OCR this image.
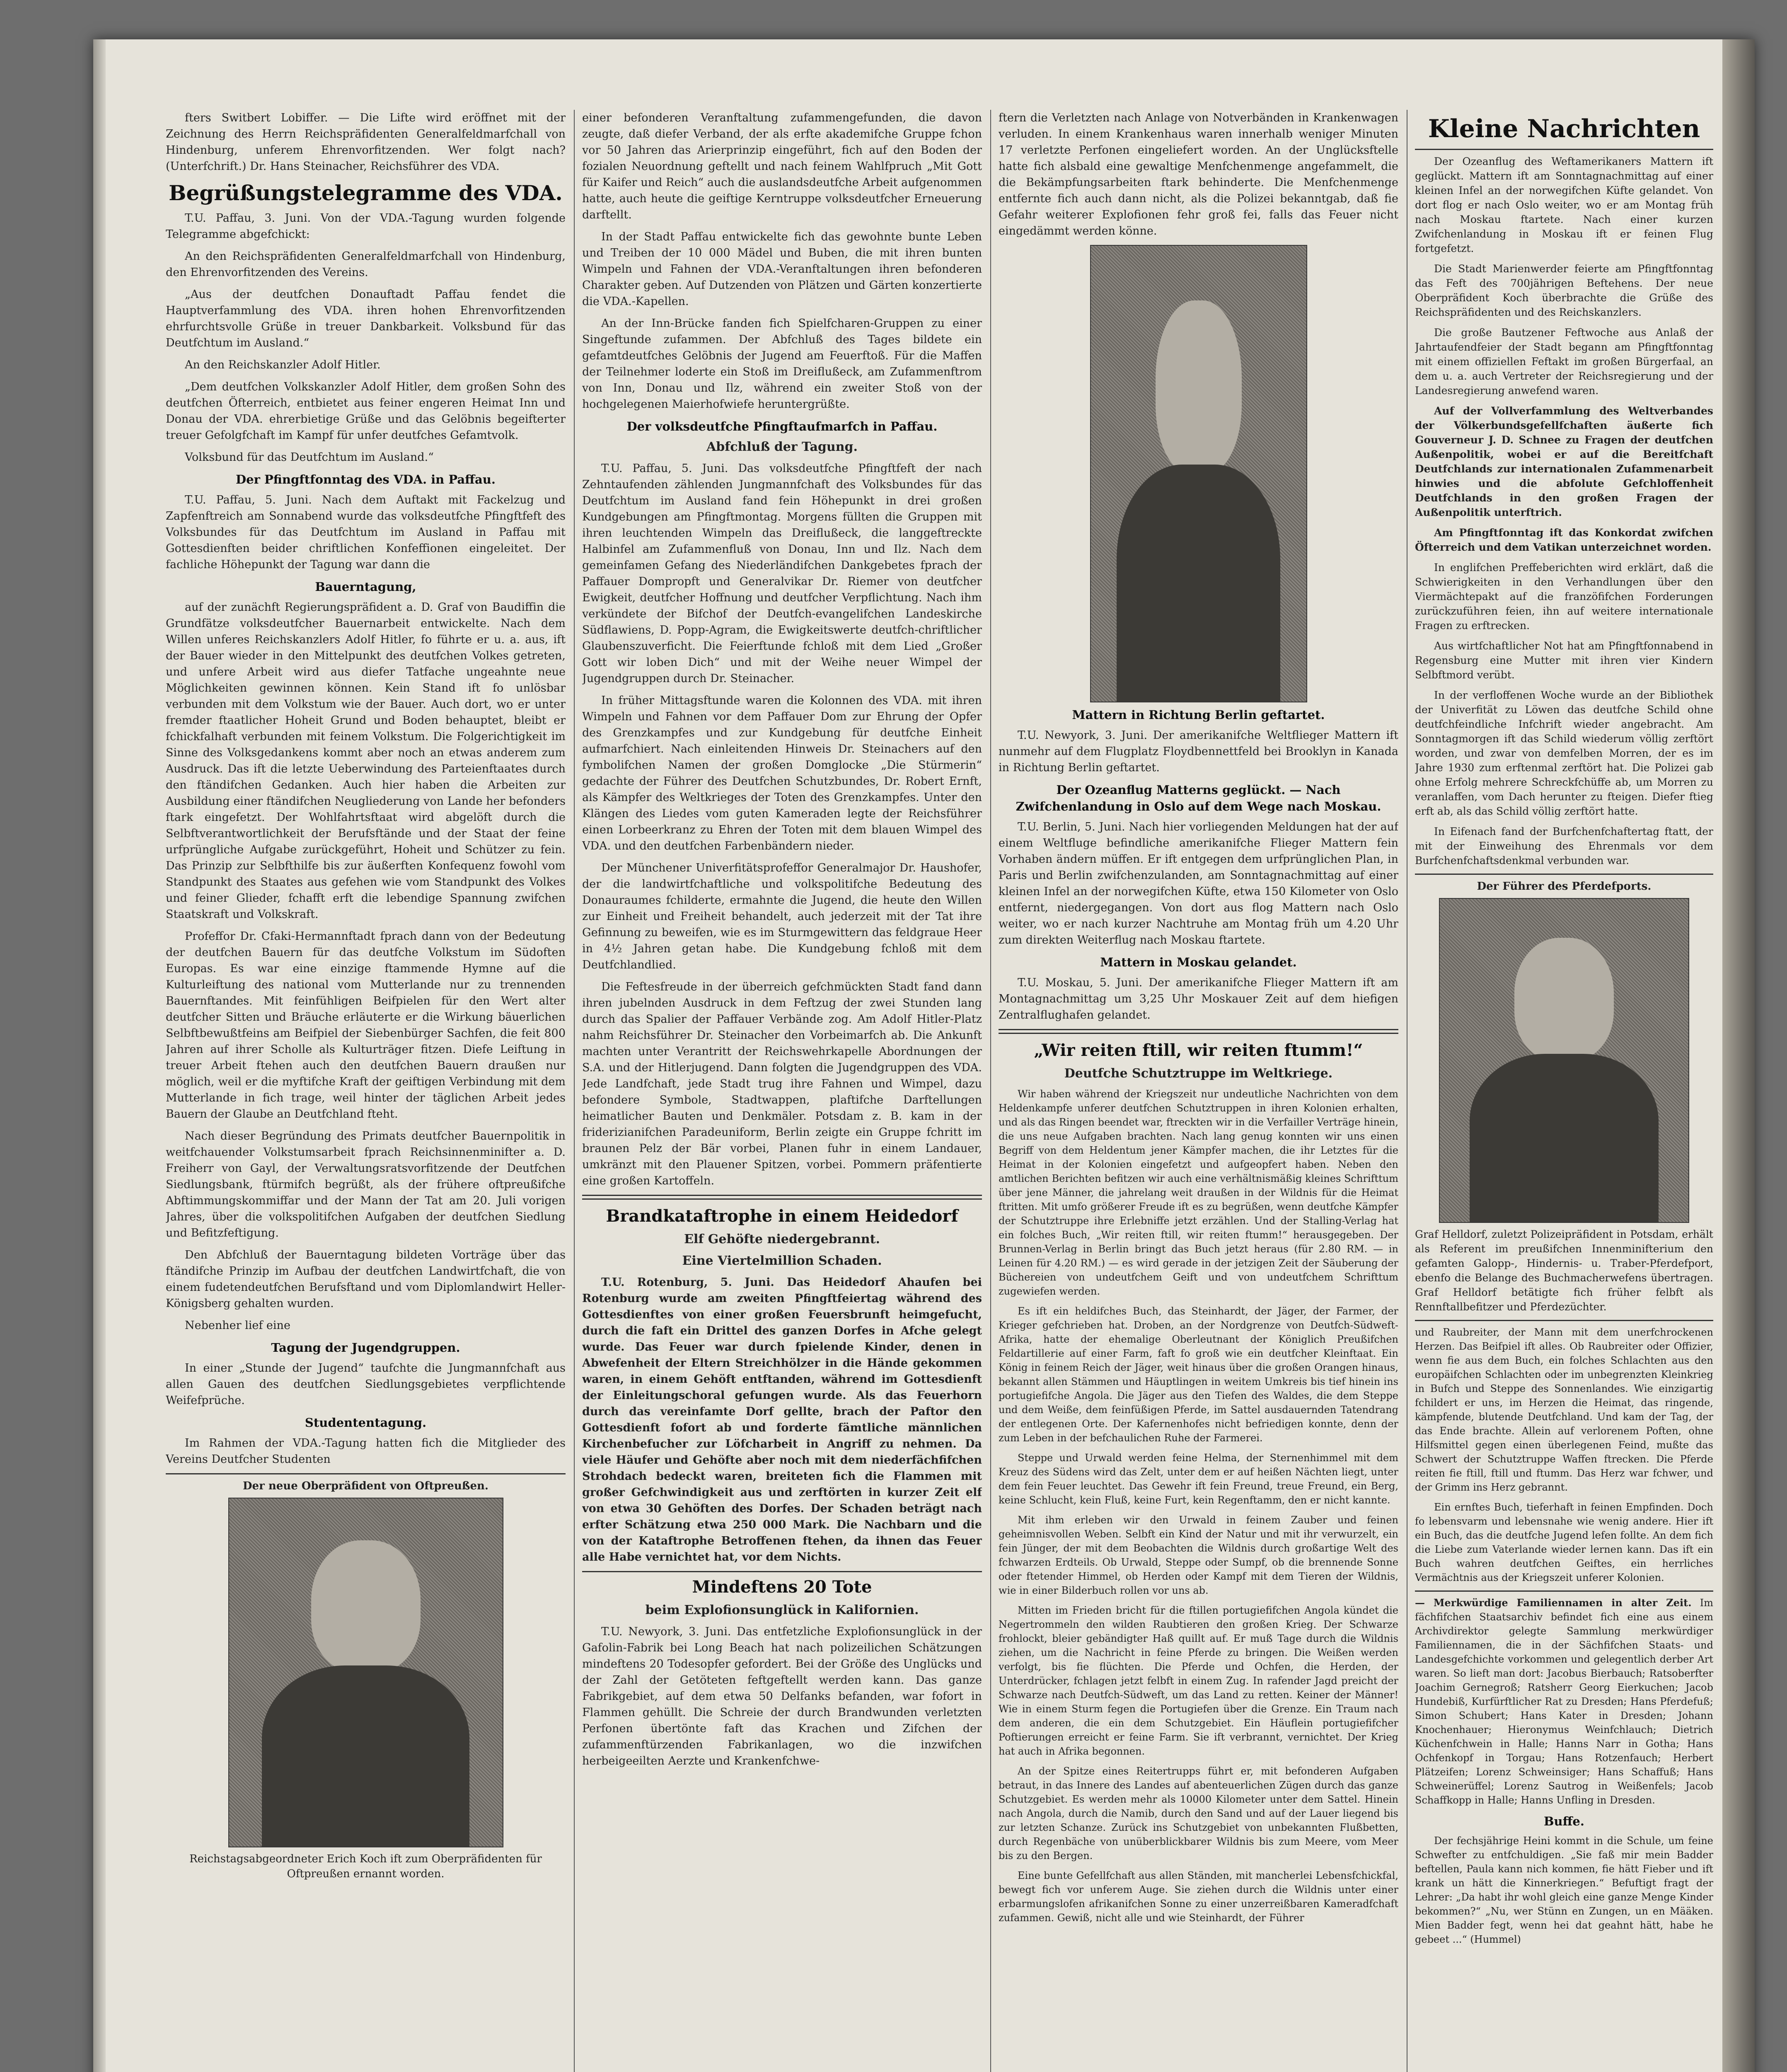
fters Switbert Lobiffer. — Die Lifte wird eröffnet mit der Zeichnung des Herrn Reichspräfidenten Generalfeldmarfchall von Hindenburg, unferem Ehrenvorfitzenden. Wer folgt nach? (Unterfchrift.) Dr. Hans Steinacher, Reichsführer des VDA.

Begrüßungstelegramme des VDA.

T.U. Paffau, 3. Juni. Von der VDA.-Tagung wurden folgende Telegramme abgefchickt:

An den Reichspräfidenten Generalfeldmarfchall von Hindenburg, den Ehrenvorfitzenden des Vereins.

„Aus der deutfchen Donauftadt Paffau fendet die Hauptverfammlung des VDA. ihren hohen Ehrenvorfitzenden ehrfurchtsvolle Grüße in treuer Dankbarkeit. Volksbund für das Deutfchtum im Ausland.“

An den Reichskanzler Adolf Hitler.

„Dem deutfchen Volkskanzler Adolf Hitler, dem großen Sohn des deutfchen Öfterreich, entbietet aus feiner engeren Heimat Inn und Donau der VDA. ehrerbietige Grüße und das Gelöbnis begeifterter treuer Gefolgfchaft im Kampf für unfer deutfches Gefamtvolk.

Volksbund für das Deutfchtum im Ausland.“

Der Pfingftfonntag des VDA. in Paffau.

T.U. Paffau, 5. Juni. Nach dem Auftakt mit Fackelzug und Zapfenftreich am Sonnabend wurde das volksdeutfche Pfingftfeft des Volksbundes für das Deutfchtum im Ausland in Paffau mit Gottesdienften beider chriftlichen Konfeffionen eingeleitet. Der fachliche Höhepunkt der Tagung war dann die

Bauerntagung,

auf der zunächft Regierungspräfident a. D. Graf von Baudiffin die Grundfätze volksdeutfcher Bauernarbeit entwickelte. Nach dem Willen unferes Reichskanzlers Adolf Hitler, fo führte er u. a. aus, ift der Bauer wieder in den Mittelpunkt des deutfchen Volkes getreten, und unfere Arbeit wird aus diefer Tatfache ungeahnte neue Möglichkeiten gewinnen können. Kein Stand ift fo unlösbar verbunden mit dem Volkstum wie der Bauer. Auch dort, wo er unter fremder ftaatlicher Hoheit Grund und Boden behauptet, bleibt er fchickfalhaft verbunden mit feinem Volkstum. Die Folgerichtigkeit im Sinne des Volksgedankens kommt aber noch an etwas anderem zum Ausdruck. Das ift die letzte Ueberwindung des Parteienftaates durch den ftändifchen Gedanken. Auch hier haben die Arbeiten zur Ausbildung einer ftändifchen Neugliederung von Lande her befonders ftark eingefetzt. Der Wohlfahrtsftaat wird abgelöft durch die Selbftverantwortlichkeit der Berufsftände und der Staat der feine urfprüngliche Aufgabe zurückgeführt, Hoheit und Schützer zu fein. Das Prinzip zur Selbfthilfe bis zur äußerften Konfequenz fowohl vom Standpunkt des Staates aus gefehen wie vom Standpunkt des Volkes und feiner Glieder, fchafft erft die lebendige Spannung zwifchen Staatskraft und Volkskraft.

Profeffor Dr. Cfaki-Hermannftadt fprach dann von der Bedeutung der deutfchen Bauern für das deutfche Volkstum im Südoften Europas. Es war eine einzige ftammende Hymne auf die Kulturleiftung des national vom Mutterlande nur zu trennenden Bauernftandes. Mit feinfühligen Beifpielen für den Wert alter deutfcher Sitten und Bräuche erläuterte er die Wirkung bäuerlichen Selbftbewußtfeins am Beifpiel der Siebenbürger Sachfen, die feit 800 Jahren auf ihrer Scholle als Kulturträger fitzen. Diefe Leiftung in treuer Arbeit ftehen auch den deutfchen Bauern draußen nur möglich, weil er die myftifche Kraft der geiftigen Verbindung mit dem Mutterlande in fich trage, weil hinter der täglichen Arbeit jedes Bauern der Glaube an Deutfchland fteht.

Nach dieser Begründung des Primats deutfcher Bauernpolitik in weitfchauender Volkstumsarbeit fprach Reichsinnenminifter a. D. Freiherr von Gayl, der Verwaltungsratsvorfitzende der Deutfchen Siedlungsbank, ftürmifch begrüßt, als der frühere oftpreußifche Abftimmungskommiffar und der Mann der Tat am 20. Juli vorigen Jahres, über die volkspolitifchen Aufgaben der deutfchen Siedlung und Befitzfeftigung.

Den Abfchluß der Bauerntagung bildeten Vorträge über das ftändifche Prinzip im Aufbau der deutfchen Landwirtfchaft, die von einem fudetendeutfchen Berufsftand und vom Diplomlandwirt Heller-Königsberg gehalten wurden.

Nebenher lief eine

Tagung der Jugendgruppen.

In einer „Stunde der Jugend“ taufchte die Jungmannfchaft aus allen Gauen des deutfchen Siedlungsgebietes verpflichtende Weifefprüche.

Studententagung.

Im Rahmen der VDA.-Tagung hatten fich die Mitglieder des Vereins Deutfcher Studenten

Der neue Oberpräfident von Oftpreußen.
Reichstagsabgeordneter Erich Koch ift zum Oberpräfidenten für Oftpreußen ernannt worden.

einer befonderen Veranftaltung zufammengefunden, die davon zeugte, daß diefer Verband, der als erfte akademifche Gruppe fchon vor 50 Jahren das Arierprinzip eingeführt, fich auf den Boden der fozialen Neuordnung geftellt und nach feinem Wahlfpruch „Mit Gott für Kaifer und Reich“ auch die auslandsdeutfche Arbeit aufgenommen hatte, auch heute die geiftige Kerntruppe volksdeutfcher Erneuerung darftellt.

In der Stadt Paffau entwickelte fich das gewohnte bunte Leben und Treiben der 10 000 Mädel und Buben, die mit ihren bunten Wimpeln und Fahnen der VDA.-Veranftaltungen ihren befonderen Charakter geben. Auf Dutzenden von Plätzen und Gärten konzertierte die VDA.-Kapellen.

An der Inn-Brücke fanden fich Spielfcharen-Gruppen zu einer Singeftunde zufammen. Der Abfchluß des Tages bildete ein gefamtdeutfches Gelöbnis der Jugend am Feuerftoß. Für die Maffen der Teilnehmer loderte ein Stoß im Dreiflußeck, am Zufammenftrom von Inn, Donau und Ilz, während ein zweiter Stoß von der hochgelegenen Maierhofwiefe heruntergrüßte.

Der volksdeutfche Pfingftaufmarfch in Paffau.
Abfchluß der Tagung.

T.U. Paffau, 5. Juni. Das volksdeutfche Pfingftfeft der nach Zehntaufenden zählenden Jungmannfchaft des Volksbundes für das Deutfchtum im Ausland fand fein Höhepunkt in drei großen Kundgebungen am Pfingftmontag. Morgens füllten die Gruppen mit ihren leuchtenden Wimpeln das Dreiflußeck, die langgeftreckte Halbinfel am Zufammenfluß von Donau, Inn und Ilz. Nach dem gemeinfamen Gefang des Niederländifchen Dankgebetes fprach der Paffauer Dompropft und Generalvikar Dr. Riemer von deutfcher Ewigkeit, deutfcher Hoffnung und deutfcher Verpflichtung. Nach ihm verkündete der Bifchof der Deutfch-evangelifchen Landeskirche Südflawiens, D. Popp-Agram, die Ewigkeitswerte deutfch-chriftlicher Glaubenszuverficht. Die Feierftunde fchloß mit dem Lied „Großer Gott wir loben Dich“ und mit der Weihe neuer Wimpel der Jugendgruppen durch Dr. Steinacher.

In früher Mittagsftunde waren die Kolonnen des VDA. mit ihren Wimpeln und Fahnen vor dem Paffauer Dom zur Ehrung der Opfer des Grenzkampfes und zur Kundgebung für deutfche Einheit aufmarfchiert. Nach einleitenden Hinweis Dr. Steinachers auf den fymbolifchen Namen der großen Domglocke „Die Stürmerin“ gedachte der Führer des Deutfchen Schutzbundes, Dr. Robert Ernft, als Kämpfer des Weltkrieges der Toten des Grenzkampfes. Unter den Klängen des Liedes vom guten Kameraden legte der Reichsführer einen Lorbeerkranz zu Ehren der Toten mit dem blauen Wimpel des VDA. und den deutfchen Farbenbändern nieder.

Der Münchener Univerfitätsprofeffor Generalmajor Dr. Haushofer, der die landwirtfchaftliche und volkspolitifche Bedeutung des Donauraumes fchilderte, ermahnte die Jugend, die heute den Willen zur Einheit und Freiheit behandelt, auch jederzeit mit der Tat ihre Gefinnung zu beweifen, wie es im Sturmgewittern das feldgraue Heer in 4½ Jahren getan habe. Die Kundgebung fchloß mit dem Deutfchlandlied.

Die Feftesfreude in der überreich gefchmückten Stadt fand dann ihren jubelnden Ausdruck in dem Feftzug der zwei Stunden lang durch das Spalier der Paffauer Verbände zog. Am Adolf Hitler-Platz nahm Reichsführer Dr. Steinacher den Vorbeimarfch ab. Die Ankunft machten unter Verantritt der Reichswehrkapelle Abordnungen der S.A. und der Hitlerjugend. Dann folgten die Jugendgruppen des VDA. Jede Landfchaft, jede Stadt trug ihre Fahnen und Wimpel, dazu befondere Symbole, Stadtwappen, plaftifche Darftellungen heimatlicher Bauten und Denkmäler. Potsdam z. B. kam in der friderizianifchen Paradeuniform, Berlin zeigte ein Gruppe fchritt im braunen Pelz der Bär vorbei, Planen fuhr in einem Landauer, umkränzt mit den Plauener Spitzen, vorbei. Pommern präfentierte eine großen Kartoffeln.

Brandkataftrophe in einem Heidedorf
Elf Gehöfte niedergebrannt.
Eine Viertelmillion Schaden.

T.U. Rotenburg, 5. Juni. Das Heidedorf Ahaufen bei Rotenburg wurde am zweiten Pfingftfeiertag während des Gottesdienftes von einer großen Feuersbrunft heimgefucht, durch die faft ein Drittel des ganzen Dorfes in Afche gelegt wurde. Das Feuer war durch fpielende Kinder, denen in Abwefenheit der Eltern Streichhölzer in die Hände gekommen waren, in einem Gehöft entftanden, während im Gottesdienft der Einleitungschoral gefungen wurde. Als das Feuerhorn durch das vereinfamte Dorf gellte, brach der Paftor den Gottesdienft fofort ab und forderte fämtliche männlichen Kirchenbefucher zur Löfcharbeit in Angriff zu nehmen. Da viele Häufer und Gehöfte aber noch mit dem niederfächfifchen Strohdach bedeckt waren, breiteten fich die Flammen mit großer Gefchwindigkeit aus und zerftörten in kurzer Zeit elf von etwa 30 Gehöften des Dorfes. Der Schaden beträgt nach erfter Schätzung etwa 250 000 Mark. Die Nachbarn und die von der Kataftrophe Betroffenen ftehen, da ihnen das Feuer alle Habe vernichtet hat, vor dem Nichts.

Mindeftens 20 Tote
beim Explofionsunglück in Kalifornien.

T.U. Newyork, 3. Juni. Das entfetzliche Explofionsunglück in der Gafolin-Fabrik bei Long Beach hat nach polizeilichen Schätzungen mindeftens 20 Todesopfer gefordert. Bei der Größe des Unglücks und der Zahl der Getöteten feftgeftellt werden kann. Das ganze Fabrikgebiet, auf dem etwa 50 Delfanks befanden, war fofort in Flammen gehüllt. Die Schreie der durch Brandwunden verletzten Perfonen übertönte faft das Krachen und Zifchen der zufammenftürzenden Fabrikanlagen, wo die inzwifchen herbeigeeilten Aerzte und Krankenfchwe-

ftern die Verletzten nach Anlage von Notverbänden in Krankenwagen verluden. In einem Krankenhaus waren innerhalb weniger Minuten 17 verletzte Perfonen eingeliefert worden. An der Unglücksftelle hatte fich alsbald eine gewaltige Menfchenmenge angefammelt, die die Bekämpfungsarbeiten ftark behinderte. Die Menfchenmenge entfernte fich auch dann nicht, als die Polizei bekanntgab, daß fie Gefahr weiterer Explofionen fehr groß fei, falls das Feuer nicht eingedämmt werden könne.

Mattern in Richtung Berlin geftartet.

T.U. Newyork, 3. Juni. Der amerikanifche Weltflieger Mattern ift nunmehr auf dem Flugplatz Floydbennettfeld bei Brooklyn in Kanada in Richtung Berlin geftartet.

Der Ozeanflug Matterns geglückt. — Nach Zwifchenlandung in Oslo auf dem Wege nach Moskau.

T.U. Berlin, 5. Juni. Nach hier vorliegenden Meldungen hat der auf einem Weltfluge befindliche amerikanifche Flieger Mattern fein Vorhaben ändern müffen. Er ift entgegen dem urfprünglichen Plan, in Paris und Berlin zwifchenzulanden, am Sonntagnachmittag auf einer kleinen Infel an der norwegifchen Küfte, etwa 150 Kilometer von Oslo entfernt, niedergegangen. Von dort aus flog Mattern nach Oslo weiter, wo er nach kurzer Nachtruhe am Montag früh um 4.20 Uhr zum direkten Weiterflug nach Moskau ftartete.

Mattern in Moskau gelandet.

T.U. Moskau, 5. Juni. Der amerikanifche Flieger Mattern ift am Montagnachmittag um 3,25 Uhr Moskauer Zeit auf dem hiefigen Zentralflughafen gelandet.

„Wir reiten ftill, wir reiten ftumm!“
Deutfche Schutztruppe im Weltkriege.

Wir haben während der Kriegszeit nur undeutliche Nachrichten von dem Heldenkampfe unferer deutfchen Schutztruppen in ihren Kolonien erhalten, und als das Ringen beendet war, ftreckten wir in die Verfailler Verträge hinein, die uns neue Aufgaben brachten. Nach lang genug konnten wir uns einen Begriff von dem Heldentum jener Kämpfer machen, die ihr Letztes für die Heimat in der Kolonien eingefetzt und aufgeopfert haben. Neben den amtlichen Berichten befitzen wir auch eine verhältnismäßig kleines Schrifttum über jene Männer, die jahrelang weit draußen in der Wildnis für die Heimat ftritten. Mit umfo größerer Freude ift es zu begrüßen, wenn deutfche Kämpfer der Schutztruppe ihre Erlebniffe jetzt erzählen. Und der Stalling-Verlag hat ein folches Buch, „Wir reiten ftill, wir reiten ftumm!“ herausgegeben. Der Brunnen-Verlag in Berlin bringt das Buch jetzt heraus (für 2.80 RM. — in Leinen für 4.20 RM.) — es wird gerade in der jetzigen Zeit der Säuberung der Büchereien von undeutfchem Geift und von undeutfchem Schrifttum zugewiefen werden.

Es ift ein heldifches Buch, das Steinhardt, der Jäger, der Farmer, der Krieger gefchrieben hat. Droben, an der Nordgrenze von Deutfch-Südweft-Afrika, hatte der ehemalige Oberleutnant der Königlich Preußifchen Feldartillerie auf einer Farm, faft fo groß wie ein deutfcher Kleinftaat. Ein König in feinem Reich der Jäger, weit hinaus über die großen Orangen hinaus, bekannt allen Stämmen und Häuptlingen in weitem Umkreis bis tief hinein ins portugiefifche Angola. Die Jäger aus den Tiefen des Waldes, die dem Steppe und dem Weiße, dem feinfüßigen Pferde, im Sattel ausdauernden Tatendrang der entlegenen Orte. Der Kafernenhofes nicht befriedigen konnte, denn der zum Leben in der befchaulichen Ruhe der Farmerei.

Steppe und Urwald werden feine Helma, der Sternenhimmel mit dem Kreuz des Südens wird das Zelt, unter dem er auf heißen Nächten liegt, unter dem fein Feuer leuchtet. Das Gewehr ift fein Freund, treue Freund, ein Berg, keine Schlucht, kein Fluß, keine Furt, kein Regenftamm, den er nicht kannte.

Mit ihm erleben wir den Urwald in feinem Zauber und feinen geheimnisvollen Weben. Selbft ein Kind der Natur und mit ihr verwurzelt, ein fein Jünger, der mit dem Beobachten die Wildnis durch großartige Welt des fchwarzen Erdteils. Ob Urwald, Steppe oder Sumpf, ob die brennende Sonne oder ftetender Himmel, ob Herden oder Kampf mit dem Tieren der Wildnis, wie in einer Bilderbuch rollen vor uns ab.

Mitten im Frieden bricht für die ftillen portugiefifchen Angola kündet die Negertrommeln den wilden Raubtieren den großen Krieg. Der Schwarze frohlockt, bleier gebändigter Haß quillt auf. Er muß Tage durch die Wildnis ziehen, um die Nachricht in feine Pferde zu bringen. Die Weißen werden verfolgt, bis fie flüchten. Die Pferde und Ochfen, die Herden, der Unterdrücker, fchlagen jetzt felbft in einem Zug. In rafender Jagd preicht der Schwarze nach Deutfch-Südweft, um das Land zu retten. Keiner der Männer! Wie in einem Sturm fegen die Portugiefen über die Grenze. Ein Traum nach dem anderen, die ein dem Schutzgebiet. Ein Häuflein portugiefifcher Poftierungen erreicht er feine Farm. Sie ift verbrannt, vernichtet. Der Krieg hat auch in Afrika begonnen.

An der Spitze eines Reitertrupps führt er, mit befonderen Aufgaben betraut, in das Innere des Landes auf abenteuerlichen Zügen durch das ganze Schutzgebiet. Es werden mehr als 10000 Kilometer unter dem Sattel. Hinein nach Angola, durch die Namib, durch den Sand und auf der Lauer liegend bis zur letzten Schanze. Zurück ins Schutzgebiet von unbekannten Flußbetten, durch Regenbäche von unüberblickbarer Wildnis bis zum Meere, vom Meer bis zu den Bergen.

Eine bunte Gefellfchaft aus allen Ständen, mit mancherlei Lebensfchickfal, bewegt fich vor unferem Auge. Sie ziehen durch die Wildnis unter einer erbarmungslofen afrikanifchen Sonne zu einer unzerreißbaren Kameradfchaft zufammen. Gewiß, nicht alle und wie Steinhardt, der Führer

Kleine Nachrichten

Der Ozeanflug des Weftamerikaners Mattern ift geglückt. Mattern ift am Sonntagnachmittag auf einer kleinen Infel an der norwegifchen Küfte gelandet. Von dort flog er nach Oslo weiter, wo er am Montag früh nach Moskau ftartete. Nach einer kurzen Zwifchenlandung in Moskau ift er feinen Flug fortgefetzt.

Die Stadt Marienwerder feierte am Pfingftfonntag das Feft des 700jährigen Beftehens. Der neue Oberpräfident Koch überbrachte die Grüße des Reichspräfidenten und des Reichskanzlers.

Die große Bautzener Feftwoche aus Anlaß der Jahrtaufendfeier der Stadt begann am Pfingftfonntag mit einem offiziellen Feftakt im großen Bürgerfaal, an dem u. a. auch Vertreter der Reichsregierung und der Landesregierung anwefend waren.

Auf der Vollverfammlung des Weltverbandes der Völkerbundsgefellfchaften äußerte fich Gouverneur J. D. Schnee zu Fragen der deutfchen Außenpolitik, wobei er auf die Bereitfchaft Deutfchlands zur internationalen Zufammenarbeit hinwies und die abfolute Gefchloffenheit Deutfchlands in den großen Fragen der Außenpolitik unterftrich.

Am Pfingftfonntag ift das Konkordat zwifchen Öfterreich und dem Vatikan unterzeichnet worden.

In englifchen Preffeberichten wird erklärt, daß die Schwierigkeiten in den Verhandlungen über den Viermächtepakt auf die franzöfifchen Forderungen zurückzuführen feien, ihn auf weitere internationale Fragen zu erftrecken.

Aus wirtfchaftlicher Not hat am Pfingftfonnabend in Regensburg eine Mutter mit ihren vier Kindern Selbftmord verübt.

In der verfloffenen Woche wurde an der Bibliothek der Univerfität zu Löwen das deutfche Schild ohne deutfchfeindliche Infchrift wieder angebracht. Am Sonntagmorgen ift das Schild wiederum völlig zerftört worden, und zwar von demfelben Morren, der es im Jahre 1930 zum erftenmal zerftört hat. Die Polizei gab ohne Erfolg mehrere Schreckfchüffe ab, um Morren zu veranlaffen, vom Dach herunter zu fteigen. Diefer ftieg erft ab, als das Schild völlig zerftört hatte.

In Eifenach fand der Burfchenfchaftertag ftatt, der mit der Einweihung des Ehrenmals vor dem Burfchenfchaftsdenkmal verbunden war.

Der Führer des Pferdefports.

Graf Helldorf, zuletzt Polizeipräfident in Potsdam, erhält als Referent im preußifchen Innenminifterium den gefamten Galopp-, Hindernis- u. Traber-Pferdefport, ebenfo die Belange des Buchmacherwefens übertragen. Graf Helldorf betätigte fich früher felbft als Rennftallbefitzer und Pferdezüchter.

und Raubreiter, der Mann mit dem unerfchrockenen Herzen. Das Beifpiel ift alles. Ob Raubreiter oder Offizier, wenn fie aus dem Buch, ein folches Schlachten aus den europäifchen Schlachten oder im unbegrenzten Kleinkrieg in Bufch und Steppe des Sonnenlandes. Wie einzigartig fchildert er uns, im Herzen die Heimat, das ringende, kämpfende, blutende Deutfchland. Und kam der Tag, der das Ende brachte. Allein auf verlorenem Poften, ohne Hilfsmittel gegen einen überlegenen Feind, mußte das Schwert der Schutztruppe Waffen ftrecken. Die Pferde reiten fie ftill, ftill und ftumm. Das Herz war fchwer, und der Grimm ins Herz gebrannt.

Ein ernftes Buch, tieferhaft in feinen Empfinden. Doch fo lebensvarm und lebensnahe wie wenig andere. Hier ift ein Buch, das die deutfche Jugend lefen follte. An dem fich die Liebe zum Vaterlande wieder lernen kann. Das ift ein Buch wahren deutfchen Geiftes, ein herrliches Vermächtnis aus der Kriegszeit unferer Kolonien.

— Merkwürdige Familiennamen in alter Zeit. Im fächfifchen Staatsarchiv befindet fich eine aus einem Archivdirektor gelegte Sammlung merkwürdiger Familiennamen, die in der Sächfifchen Staats- und Landesgefchichte vorkommen und gelegentlich derber Art waren. So lieft man dort: Jacobus Bierbauch; Ratsoberfter Joachim Gernegroß; Ratsherr Georg Eierkuchen; Jacob Hundebiß, Kurfürftlicher Rat zu Dresden; Hans Pferdefuß; Simon Schubert; Hans Kater in Dresden; Johann Knochenhauer; Hieronymus Weinfchlauch; Dietrich Küchenfchwein in Halle; Hanns Narr in Gotha; Hans Ochfenkopf in Torgau; Hans Rotzenfauch; Herbert Plätzeifen; Lorenz Schweinsiger; Hans Schaffuß; Hans Schweinerüffel; Lorenz Sautrog in Weißenfels; Jacob Schaffkopp in Halle; Hanns Unfling in Dresden.

Buffe.

Der fechsjährige Heini kommt in die Schule, um feine Schwefter zu entfchuldigen. „Sie faß mir mein Badder beftellen, Paula kann nich kommen, fie hätt Fieber und ift krank un hätt die Kinnerkriegen.“ Befuftigt fragt der Lehrer: „Da habt ihr wohl gleich eine ganze Menge Kinder bekommen?“ „Nu, wer Stünn en Zungen, un en Määken. Mien Badder fegt, wenn hei dat geahnt hätt, habe he gebeet ...“ (Hummel)
